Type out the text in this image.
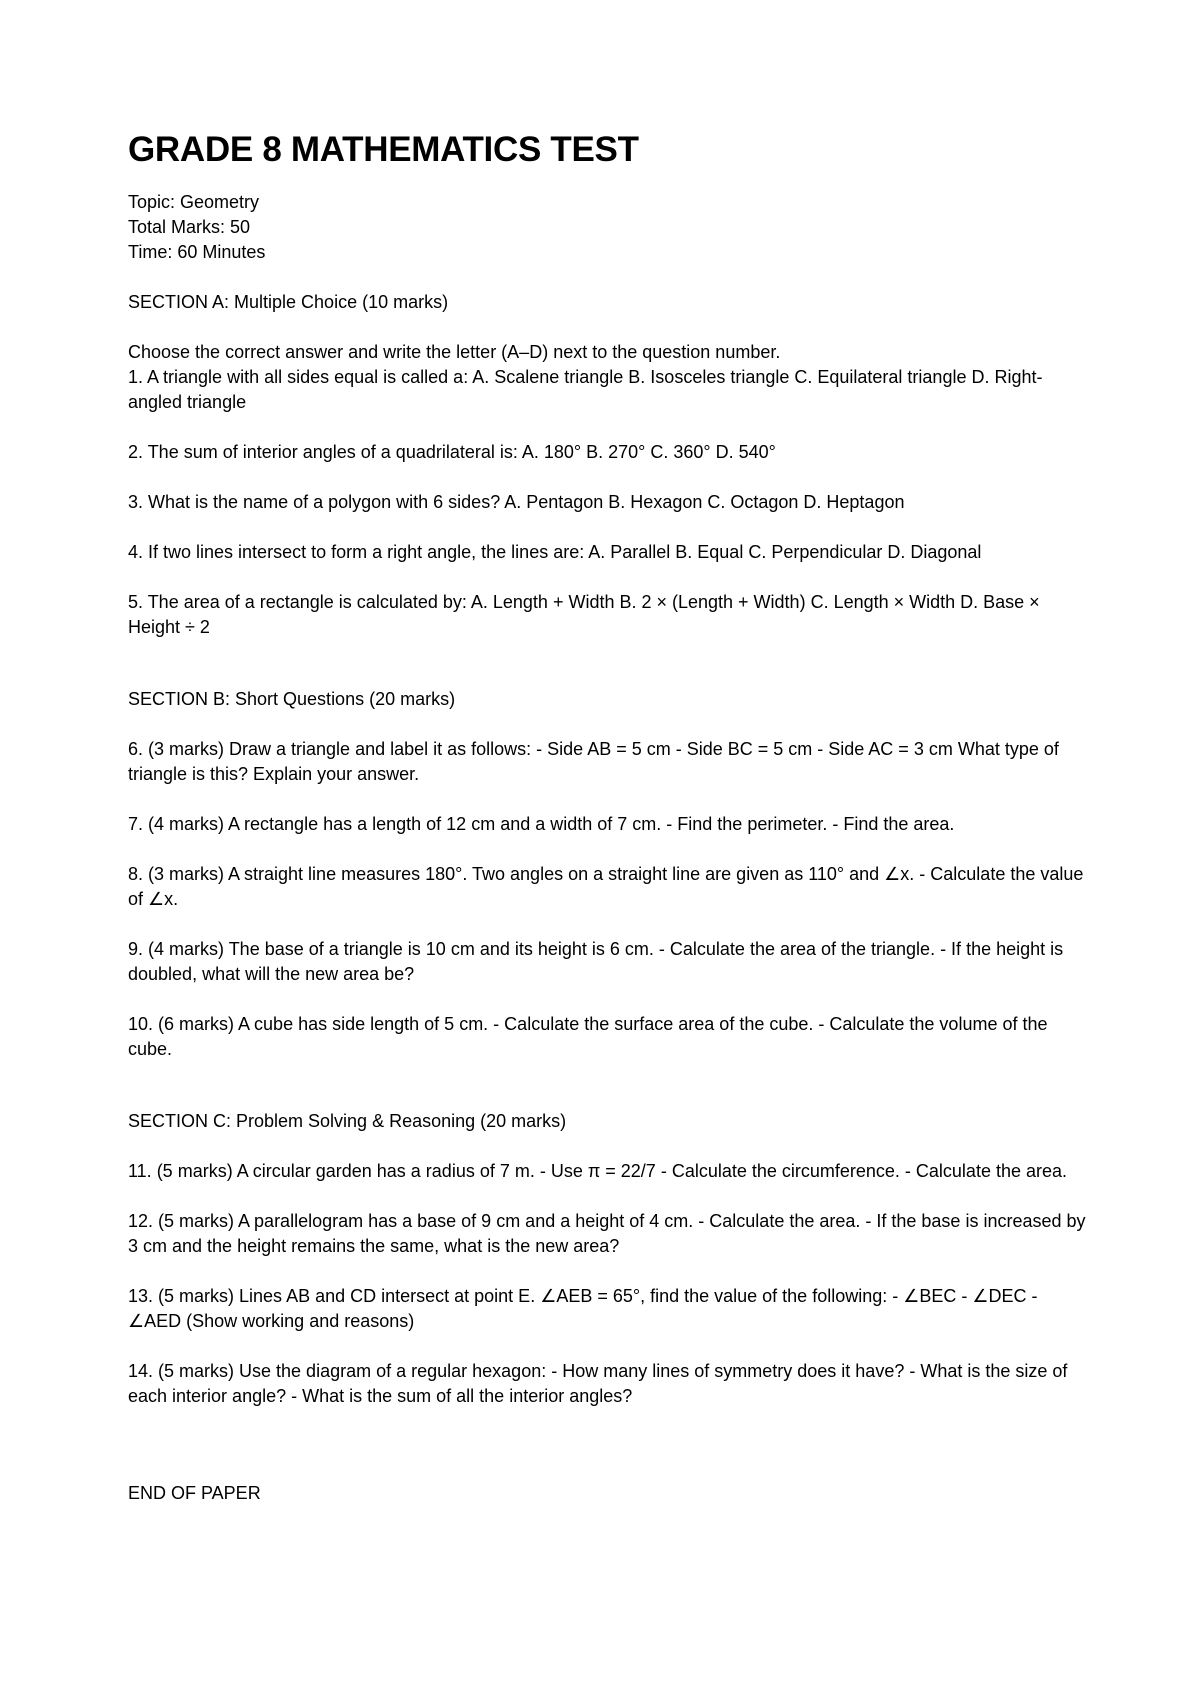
GRADE 8 MATHEMATICS TEST

Topic: Geometry

Total Marks: 50

Time: 60 Minutes

SECTION A: Multiple Choice (10 marks)

Choose the correct answer and write the letter (A–D) next to the question number.

1. A triangle with all sides equal is called a: A. Scalene triangle B. Isosceles triangle C. Equilateral triangle D. Right-angled triangle

2. The sum of interior angles of a quadrilateral is: A. 180° B. 270° C. 360° D. 540°

3. What is the name of a polygon with 6 sides? A. Pentagon B. Hexagon C. Octagon D. Heptagon

4. If two lines intersect to form a right angle, the lines are: A. Parallel B. Equal C. Perpendicular D. Diagonal

5. The area of a rectangle is calculated by: A. Length + Width B. 2 × (Length + Width) C. Length × Width D. Base × Height ÷ 2

SECTION B: Short Questions (20 marks)

6. (3 marks) Draw a triangle and label it as follows: - Side AB = 5 cm - Side BC = 5 cm - Side AC = 3 cm What type of triangle is this? Explain your answer.

7. (4 marks) A rectangle has a length of 12 cm and a width of 7 cm. - Find the perimeter. - Find the area.

8. (3 marks) A straight line measures 180°. Two angles on a straight line are given as 110° and ∠x. - Calculate the value of ∠x.

9. (4 marks) The base of a triangle is 10 cm and its height is 6 cm. - Calculate the area of the triangle. - If the height is doubled, what will the new area be?

10. (6 marks) A cube has side length of 5 cm. - Calculate the surface area of the cube. - Calculate the volume of the cube.

SECTION C: Problem Solving & Reasoning (20 marks)

11. (5 marks) A circular garden has a radius of 7 m. - Use π = 22/7 - Calculate the circumference. - Calculate the area.

12. (5 marks) A parallelogram has a base of 9 cm and a height of 4 cm. - Calculate the area. - If the base is increased by 3 cm and the height remains the same, what is the new area?

13. (5 marks) Lines AB and CD intersect at point E. ∠AEB = 65°, find the value of the following: - ∠BEC - ∠DEC - ∠AED (Show working and reasons)

14. (5 marks) Use the diagram of a regular hexagon: - How many lines of symmetry does it have? - What is the size of each interior angle? - What is the sum of all the interior angles?

END OF PAPER
